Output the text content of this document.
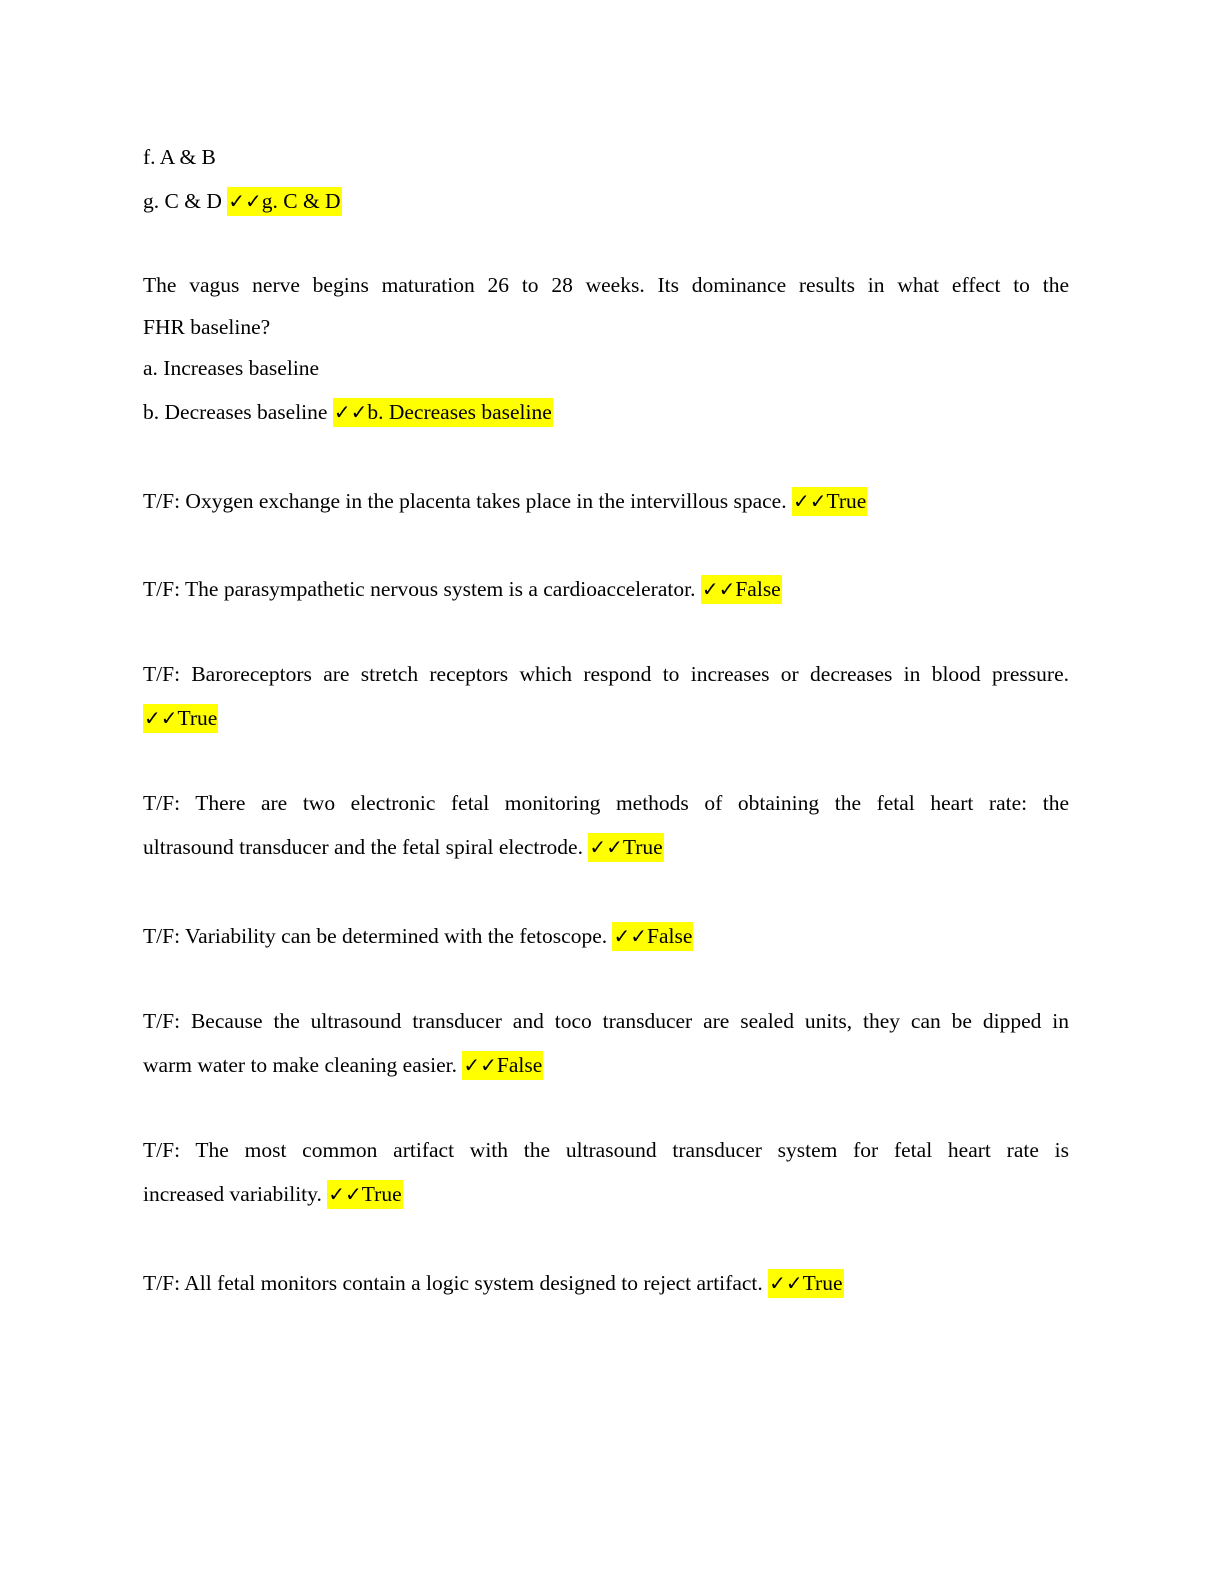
f. A & B
g. C & D ✓✓g. C & D
The vagus nerve begins maturation 26 to 28 weeks. Its dominance results in what effect to the
FHR baseline?
a. Increases baseline
b. Decreases baseline ✓✓b. Decreases baseline
T/F: Oxygen exchange in the placenta takes place in the intervillous space. ✓✓True
T/F: The parasympathetic nervous system is a cardioaccelerator. ✓✓False
T/F: Baroreceptors are stretch receptors which respond to increases or decreases in blood pressure.
✓✓True
T/F: There are two electronic fetal monitoring methods of obtaining the fetal heart rate: the
ultrasound transducer and the fetal spiral electrode. ✓✓True
T/F: Variability can be determined with the fetoscope. ✓✓False
T/F: Because the ultrasound transducer and toco transducer are sealed units, they can be dipped in
warm water to make cleaning easier. ✓✓False
T/F: The most common artifact with the ultrasound transducer system for fetal heart rate is
increased variability. ✓✓True
T/F: All fetal monitors contain a logic system designed to reject artifact. ✓✓True
